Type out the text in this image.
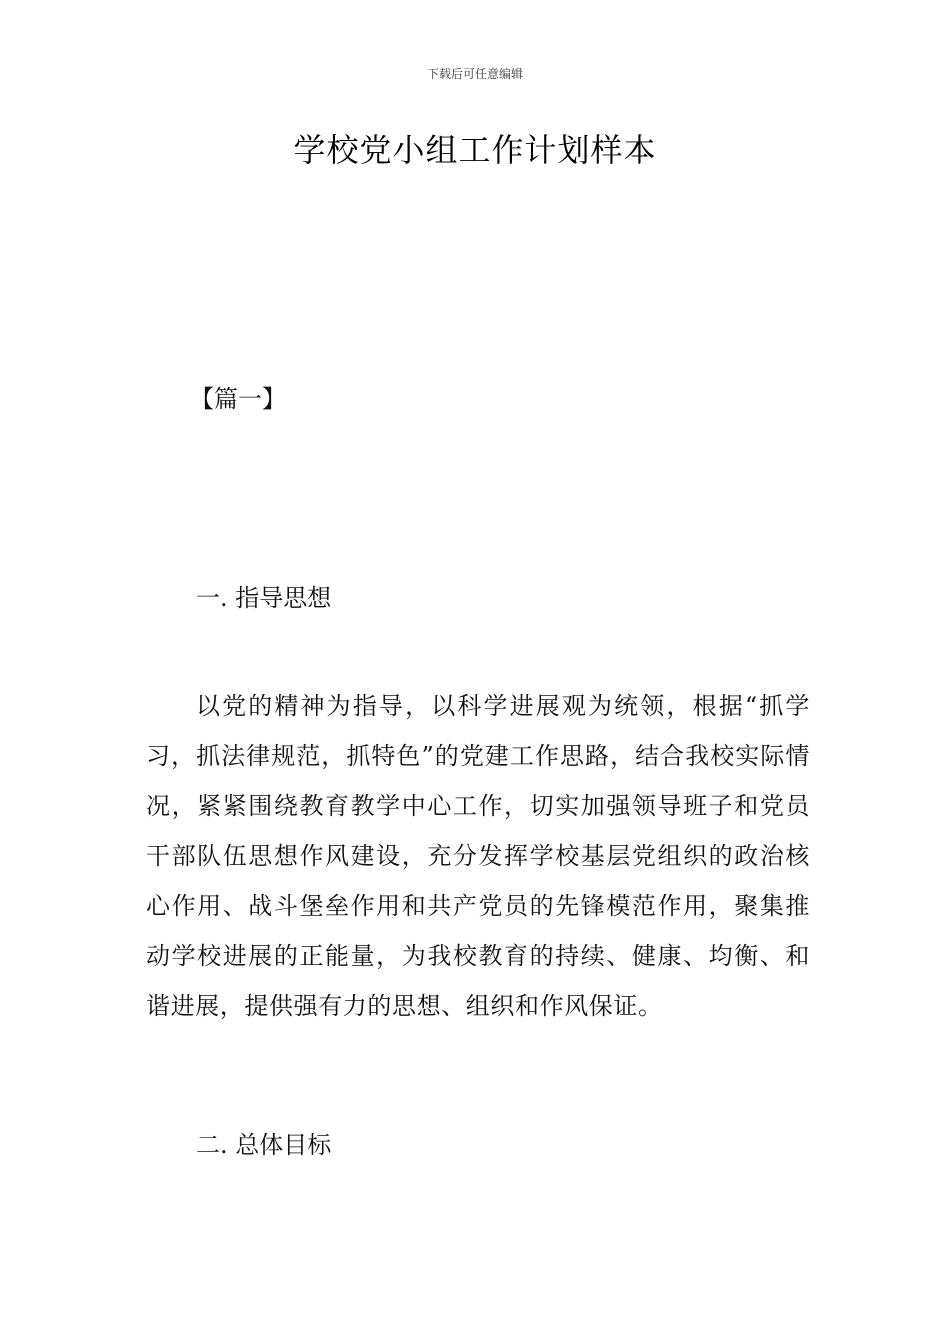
下载后可任意编辑
学校党小组工作计划样本
【篇一】
一. 指导思想

以党的精神为指导，以科学进展观为统领，根据“抓学习，抓法律规范，抓特色”的党建工作思路，结合我校实际情况，紧紧围绕教育教学中心工作，切实加强领导班子和党员干部队伍思想作风建设，充分发挥学校基层党组织的政治核心作用、战斗堡垒作用和共产党员的先锋模范作用，聚集推动学校进展的正能量，为我校教育的持续、健康、均衡、和谐进展，提供强有力的思想、组织和作风保证。

二. 总体目标
